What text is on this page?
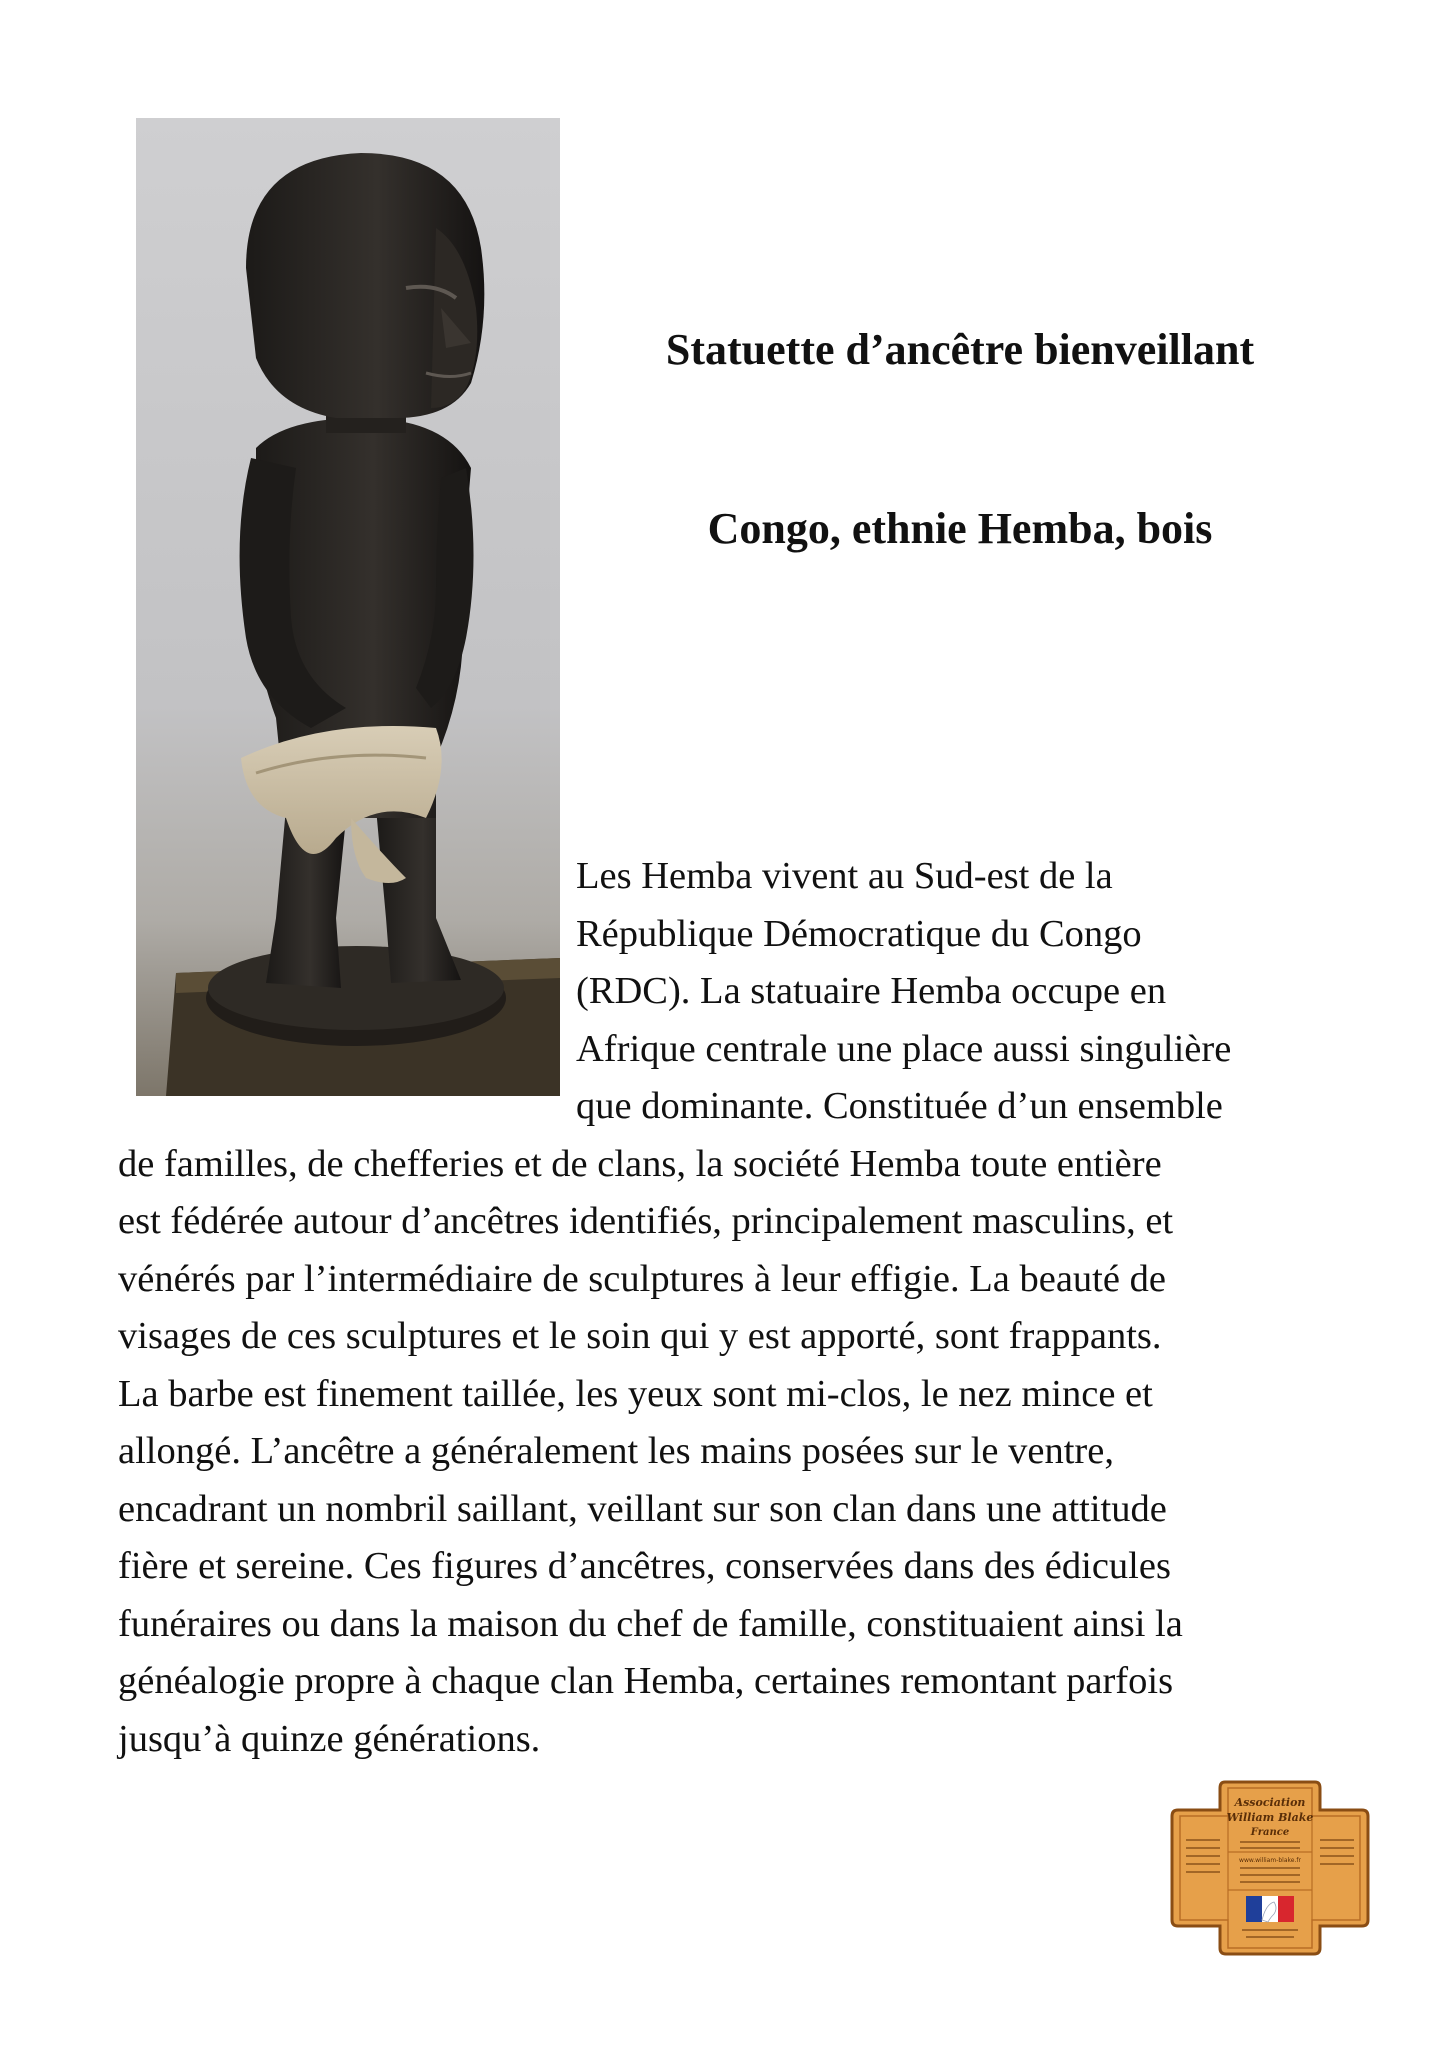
Statuette d’ancêtre bienveillant
Congo, ethnie Hemba, bois

Les Hemba vivent au Sud-est de la
République Démocratique du Congo
(RDC). La statuaire Hemba occupe en
Afrique centrale une place aussi singulière
que dominante. Constituée d’un ensemble
de familles, de chefferies et de clans, la société Hemba toute entière
est fédérée autour d’ancêtres identifiés, principalement masculins, et
vénérés par l’intermédiaire de sculptures à leur effigie. La beauté de
visages de ces sculptures et le soin qui y est apporté, sont frappants.
La barbe est finement taillée, les yeux sont mi-clos, le nez mince et
allongé. L’ancêtre a généralement les mains posées sur le ventre,
encadrant un nombril saillant, veillant sur son clan dans une attitude
fière et sereine. Ces figures d’ancêtres, conservées dans des édicules
funéraires ou dans la maison du chef de famille, constituaient ainsi la
généalogie propre à chaque clan Hemba, certaines remontant parfois
jusqu’à quinze générations.

Association
William Blake
France
www.william-blake.fr
